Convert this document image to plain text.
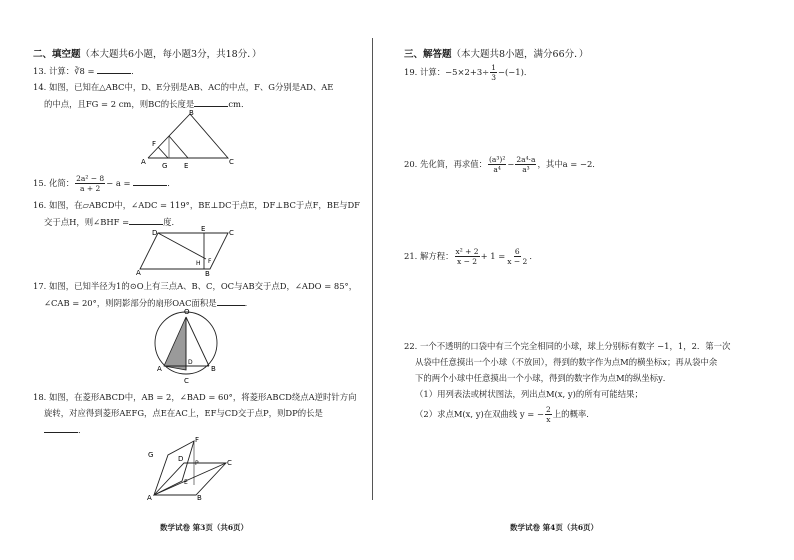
二、填空题（本大题共6小题，每小题3分，共18分．）
13. 计算：∛8 =	．
14. 如图，已知在△ABC中，D、E分别是AB、AC的中点，F、G分别是AD、AE
的中点，且FG = 2 cm，则BC的长度是	cm．
B
F
A G E	C
15. 化简： $\frac{\text{2a² − 8}}{a + 2} - a$ =	．
16. 如图，在▱ABCD中，∠ADC = 119°，BE⊥DC于点E，DF⊥BC于点F，BE与DF
交于点H，则∠BHF =	度．
D	E	C
A
H F
B
17. 如图，已知半径为1的⊙O上有三点A、B、C，OC与AB交于点D，∠ADO = 85°，
∠CAB = 20°，则阴影部分的扇形OAC面积是	．
O
A
D
B
C
18. 如图，在菱形ABCD中，AB = 2，∠BAD = 60°，将菱形ABCD绕点A逆时针方向
旋转，对应得到菱形AEFG，点E在AC上，EF与CD交于点P，则DP的长是
．
G
F
D
P	C
E
A	B
数学试卷 第3页（共6页）
三、解答题（本大题共8小题，满分66分．）
19. 计算：$-5\times 2+3\div \frac{1}{3} -(-1)$．
20. 先化简，再求值： $\frac{\text{(a³)²}}{\text{a⁴}} - \frac{\text{2a⁴·a}}{\text{a³}}$ ，其中a = −2．
21. 解方程： $\frac{\text{x² + 2}}{x - 2} + 1 = \frac{6}{x - 2}$ ．
22. 一个不透明的口袋中有三个完全相同的小球，球上分别标有数字 −1，1，2．第一次
从袋中任意摸出一个小球（不放回），得到的数字作为点M的横坐标x；再从袋中余
下的两个小球中任意摸出一个小球，得到的数字作为点M的纵坐标y．
（1）用列表法或树状图法，列出点M(x, y)的所有可能结果；
（2）求点M(x, y)在双曲线 y = − $\frac{2}{x}$ 上的概率．
数学试卷 第4页（共6页）
